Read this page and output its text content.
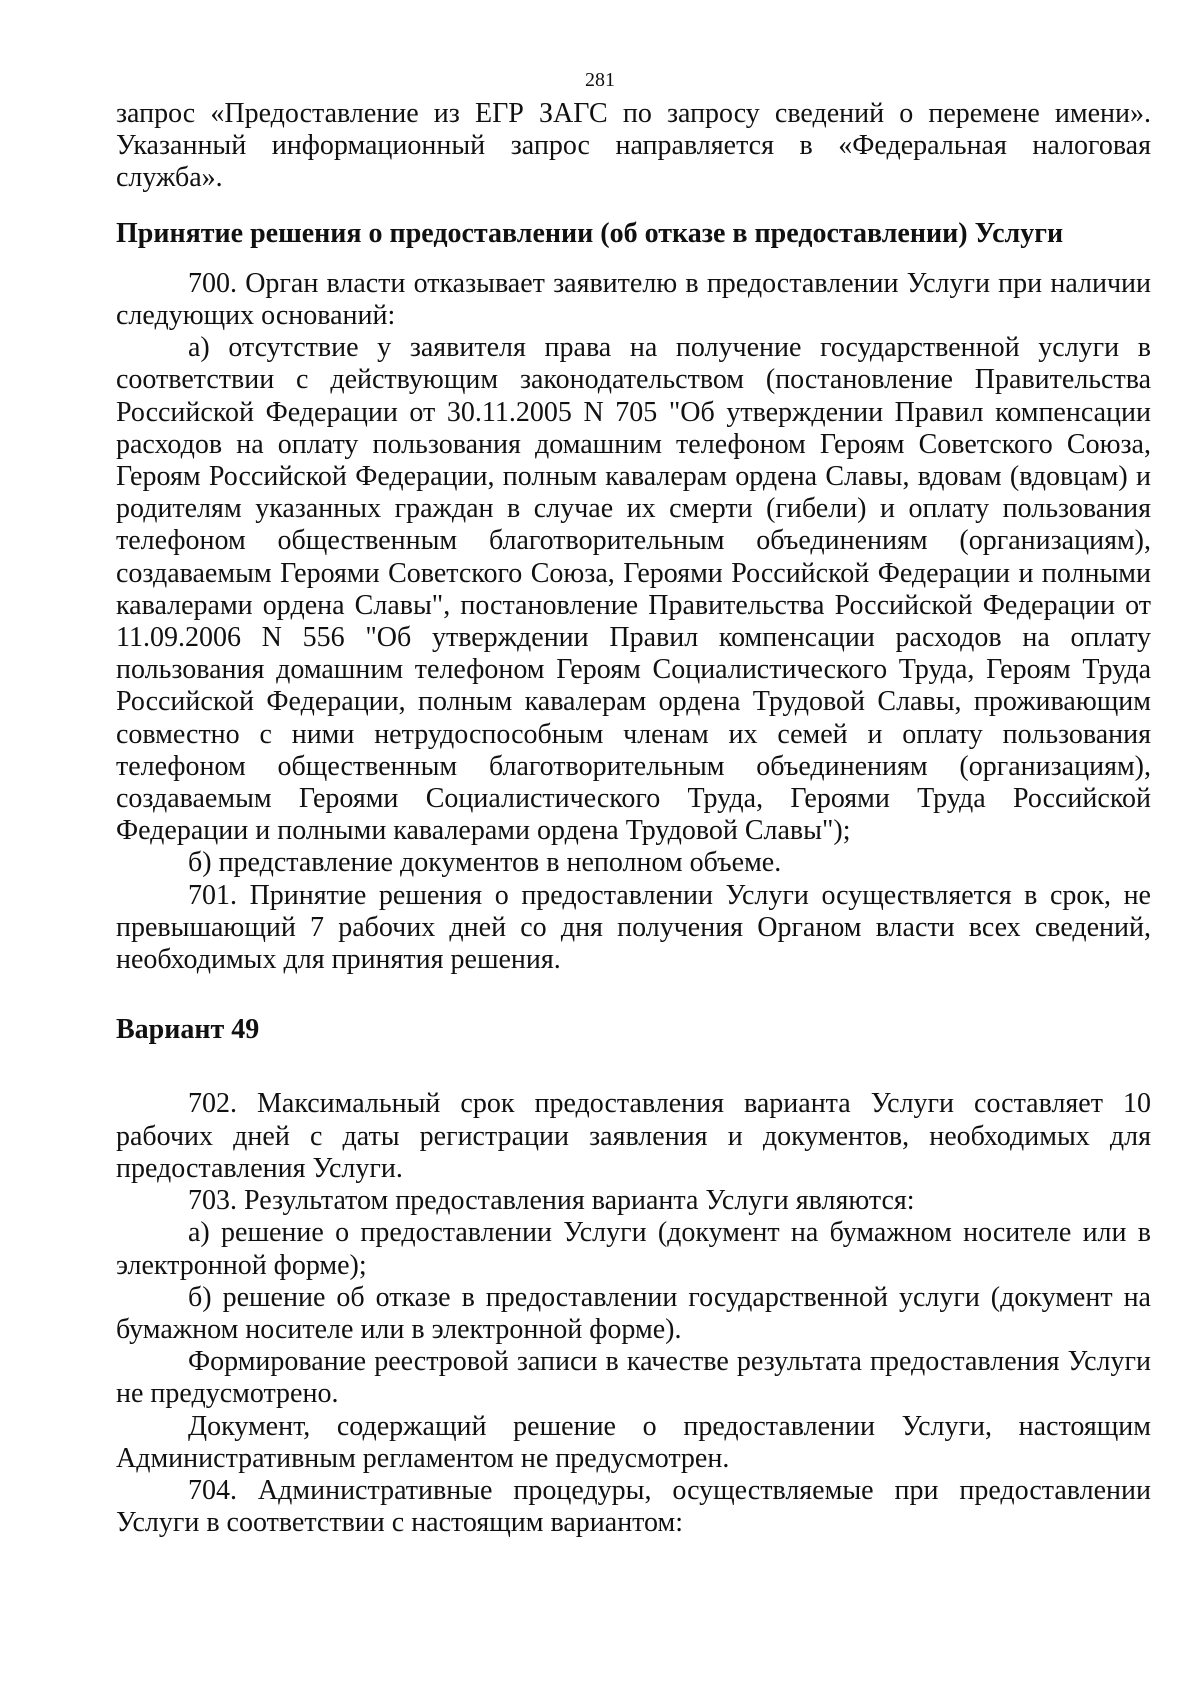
281

запрос «Предоставление из ЕГР ЗАГС по запросу сведений о перемене имени». Указанный информационный запрос направляется в «Федеральная налоговая служба».

Принятие решения о предоставлении (об отказе в предоставлении) Услуги

700. Орган власти отказывает заявителю в предоставлении Услуги при наличии следующих оснований:

а) отсутствие у заявителя права на получение государственной услуги в соответствии с действующим законодательством (постановление Правительства Российской Федерации от 30.11.2005 N 705 "Об утверждении Правил компенсации расходов на оплату пользования домашним телефоном Героям Советского Союза, Героям Российской Федерации, полным кавалерам ордена Славы, вдовам (вдовцам) и родителям указанных граждан в случае их смерти (гибели) и оплату пользования телефоном общественным благотворительным объединениям (организациям), создаваемым Героями Советского Союза, Героями Российской Федерации и полными кавалерами ордена Славы", постановление Правительства Российской Федерации от 11.09.2006 N 556 "Об утверждении Правил компенсации расходов на оплату пользования домашним телефоном Героям Социалистического Труда, Героям Труда Российской Федерации, полным кавалерам ордена Трудовой Славы, проживающим совместно с ними нетрудоспособным членам их семей и оплату пользования телефоном общественным благотворительным объединениям (организациям), создаваемым Героями Социалистического Труда, Героями Труда Российской Федерации и полными кавалерами ордена Трудовой Славы");

б) представление документов в неполном объеме.

701. Принятие решения о предоставлении Услуги осуществляется в срок, не превышающий 7 рабочих дней со дня получения Органом власти всех сведений, необходимых для принятия решения.

Вариант 49

702. Максимальный срок предоставления варианта Услуги составляет 10 рабочих дней с даты регистрации заявления и документов, необходимых для предоставления Услуги.

703. Результатом предоставления варианта Услуги являются:

а) решение о предоставлении Услуги (документ на бумажном носителе или в электронной форме);

б) решение об отказе в предоставлении государственной услуги (документ на бумажном носителе или в электронной форме).

Формирование реестровой записи в качестве результата предоставления Услуги не предусмотрено.

Документ, содержащий решение о предоставлении Услуги, настоящим Административным регламентом не предусмотрен.

704. Административные процедуры, осуществляемые при предоставлении Услуги в соответствии с настоящим вариантом:
